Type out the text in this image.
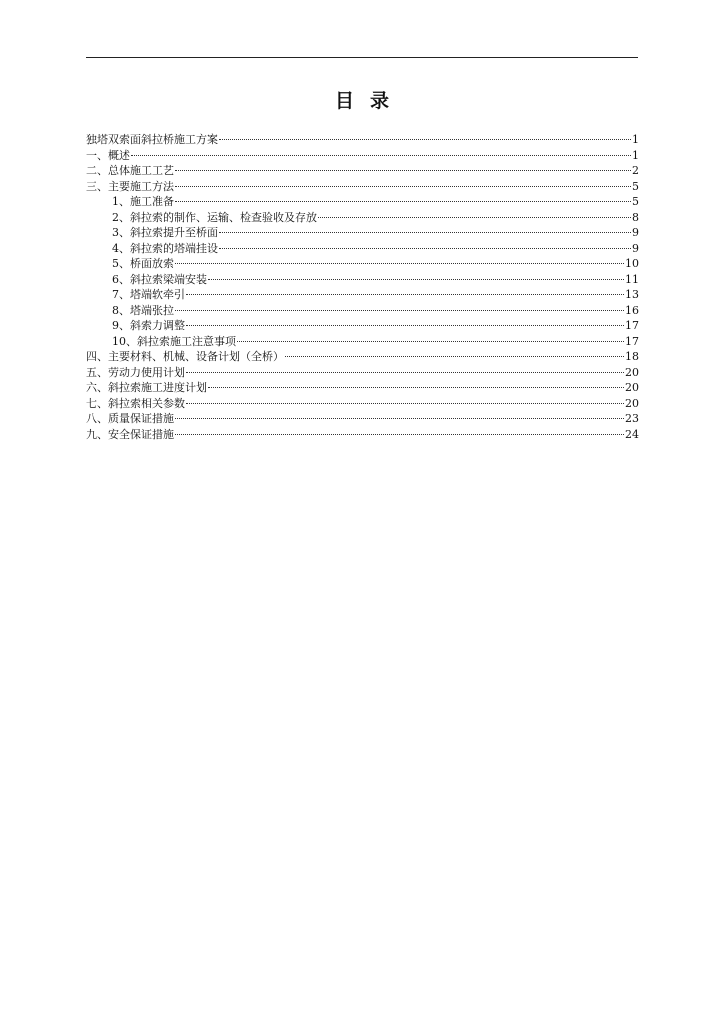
目录
独塔双索面斜拉桥施工方案	1
一、概述	1
二、总体施工工艺	2
三、主要施工方法	5
1、施工准备	5
2、斜拉索的制作、运输、检查验收及存放	8
3、斜拉索提升至桥面	9
4、斜拉索的塔端挂设	9
5、桥面放索	10
6、斜拉索梁端安装	11
7、塔端软牵引	13
8、塔端张拉	16
9、斜索力调整	17
10、斜拉索施工注意事项	17
四、主要材料、机械、设备计划（全桥）	18
五、劳动力使用计划	20
六、斜拉索施工进度计划	20
七、斜拉索相关参数	20
八、质量保证措施	23
九、安全保证措施	24
